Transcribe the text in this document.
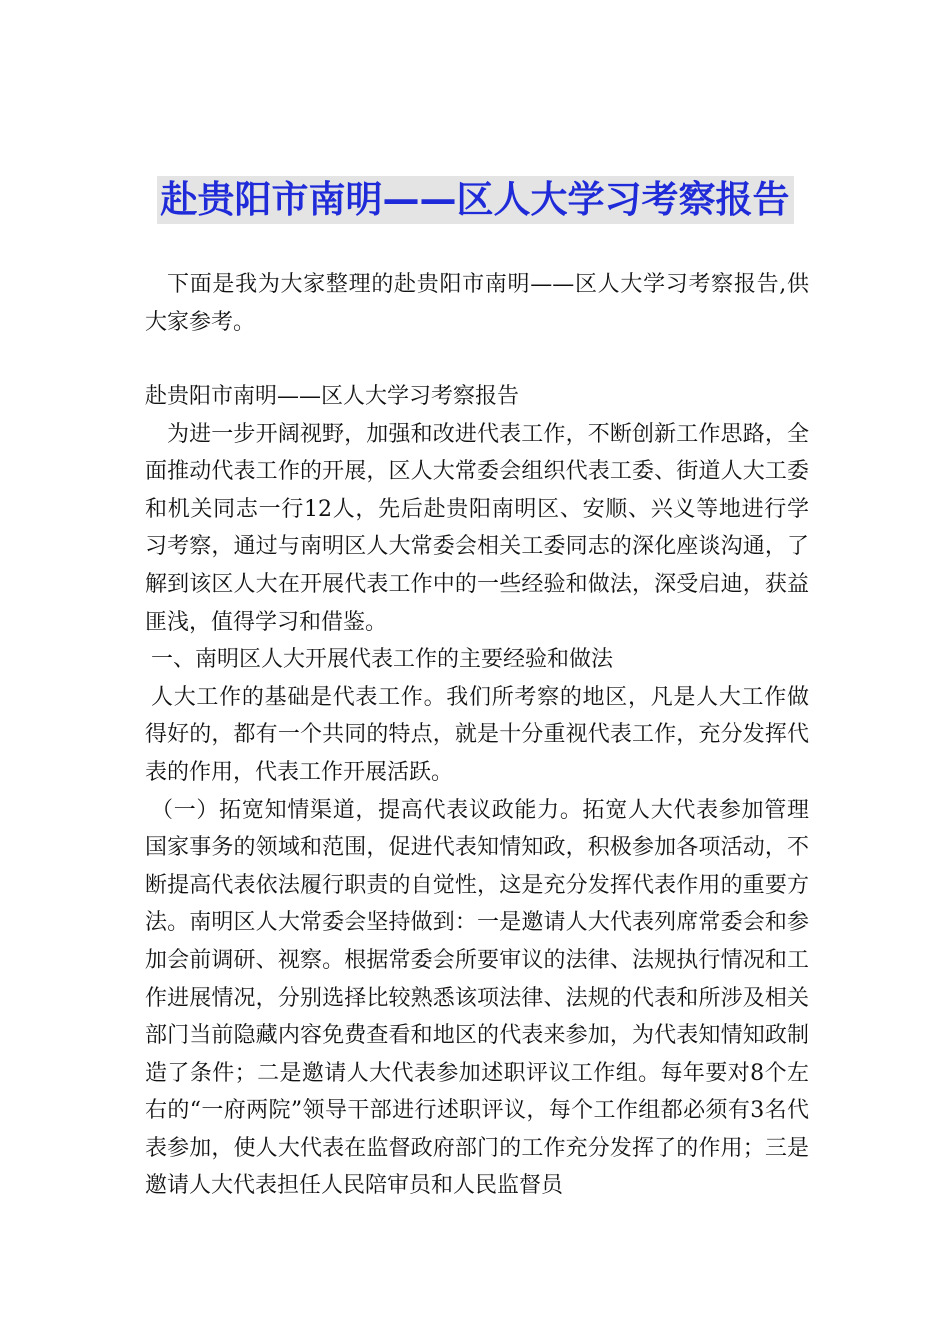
赴贵阳市南明——区人大学习考察报告
下面是我为大家整理的赴贵阳市南明——区人大学习考察报告,供大家参考。

赴贵阳市南明——区人大学习考察报告

为进一步开阔视野，加强和改进代表工作，不断创新工作思路，全面推动代表工作的开展，区人大常委会组织代表工委、街道人大工委和机关同志一行12人，先后赴贵阳南明区、安顺、兴义等地进行学习考察，通过与南明区人大常委会相关工委同志的深化座谈沟通，了解到该区人大在开展代表工作中的一些经验和做法，深受启迪，获益匪浅，值得学习和借鉴。

一、南明区人大开展代表工作的主要经验和做法

人大工作的基础是代表工作。我们所考察的地区，凡是人大工作做得好的，都有一个共同的特点，就是十分重视代表工作，充分发挥代表的作用，代表工作开展活跃。

（一）拓宽知情渠道，提高代表议政能力。拓宽人大代表参加管理国家事务的领域和范围，促进代表知情知政，积极参加各项活动，不断提高代表依法履行职责的自觉性，这是充分发挥代表作用的重要方法。南明区人大常委会坚持做到：一是邀请人大代表列席常委会和参加会前调研、视察。根据常委会所要审议的法律、法规执行情况和工作进展情况，分别选择比较熟悉该项法律、法规的代表和所涉及相关部门当前隐藏内容免费查看和地区的代表来参加，为代表知情知政制造了条件；二是邀请人大代表参加述职评议工作组。每年要对8个左右的“一府两院”领导干部进行述职评议，每个工作组都必须有3名代表参加，使人大代表在监督政府部门的工作充分发挥了的作用；三是邀请人大代表担任人民陪审员和人民监督员
